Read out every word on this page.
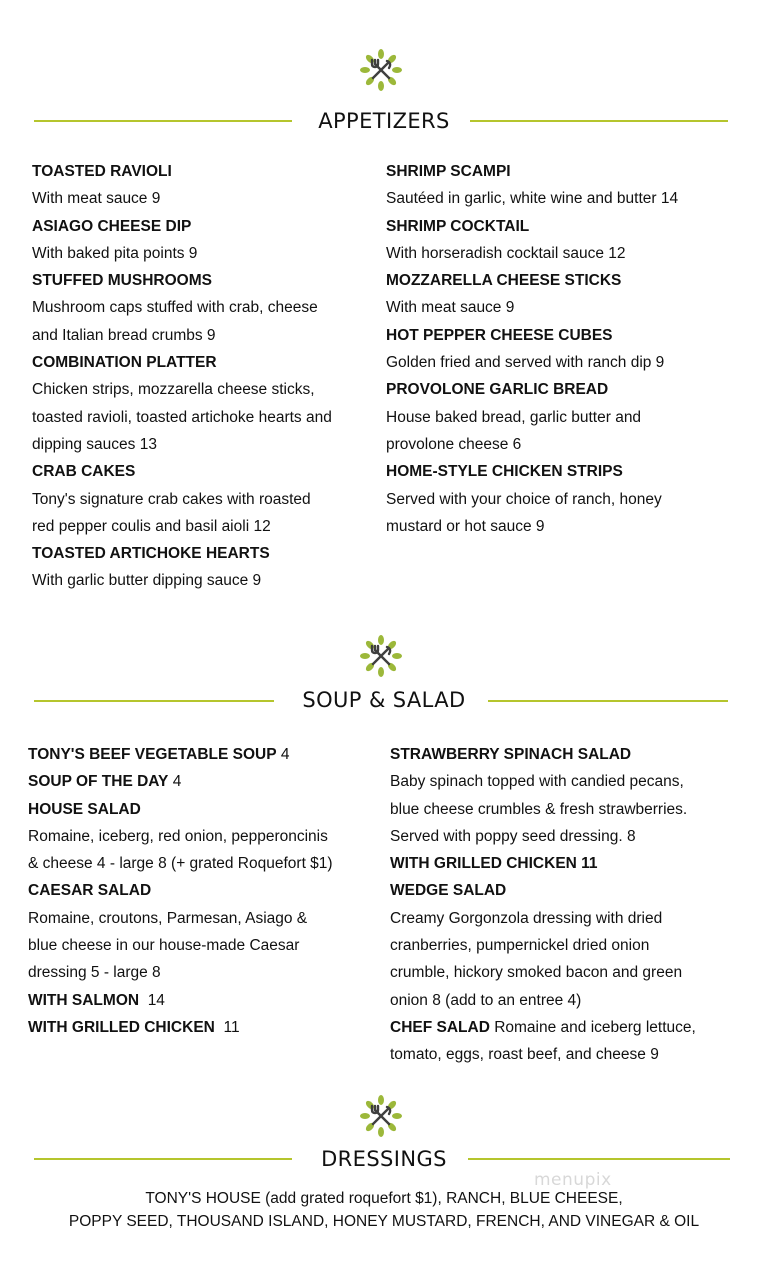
APPETIZERS
TOASTED RAVIOLI
With meat sauce 9
ASIAGO CHEESE DIP
With baked pita points 9
STUFFED MUSHROOMS
Mushroom caps stuffed with crab, cheese
and Italian bread crumbs 9
COMBINATION PLATTER
Chicken strips, mozzarella cheese sticks,
toasted ravioli, toasted artichoke hearts and
dipping sauces 13
CRAB CAKES
Tony's signature crab cakes with roasted
red pepper coulis and basil aioli 12
TOASTED ARTICHOKE HEARTS
With garlic butter dipping sauce 9
SHRIMP SCAMPI
Sautéed in garlic, white wine and butter 14
SHRIMP COCKTAIL
With horseradish cocktail sauce 12
MOZZARELLA CHEESE STICKS
With meat sauce 9
HOT PEPPER CHEESE CUBES
Golden fried and served with ranch dip 9
PROVOLONE GARLIC BREAD
House baked bread, garlic butter and
provolone cheese 6
HOME-STYLE CHICKEN STRIPS
Served with your choice of ranch, honey
mustard or hot sauce 9
SOUP & SALAD
TONY'S BEEF VEGETABLE SOUP 4
SOUP OF THE DAY 4
HOUSE SALAD
Romaine, iceberg, red onion, pepperoncinis
& cheese 4 - large 8 (+ grated Roquefort $1)
CAESAR SALAD
Romaine, croutons, Parmesan, Asiago &
blue cheese in our house-made Caesar
dressing 5 - large 8
WITH SALMON  14
WITH GRILLED CHICKEN  11
STRAWBERRY SPINACH SALAD
Baby spinach topped with candied pecans,
blue cheese crumbles & fresh strawberries.
Served with poppy seed dressing. 8
WITH GRILLED CHICKEN 11
WEDGE SALAD
Creamy Gorgonzola dressing with dried
cranberries, pumpernickel dried onion
crumble, hickory smoked bacon and green
onion 8 (add to an entree 4)
CHEF SALAD Romaine and iceberg lettuce,
tomato, eggs, roast beef, and cheese 9
DRESSINGS
menupix
TONY'S HOUSE (add grated roquefort $1), RANCH, BLUE CHEESE,
POPPY SEED, THOUSAND ISLAND, HONEY MUSTARD, FRENCH, AND VINEGAR & OIL
